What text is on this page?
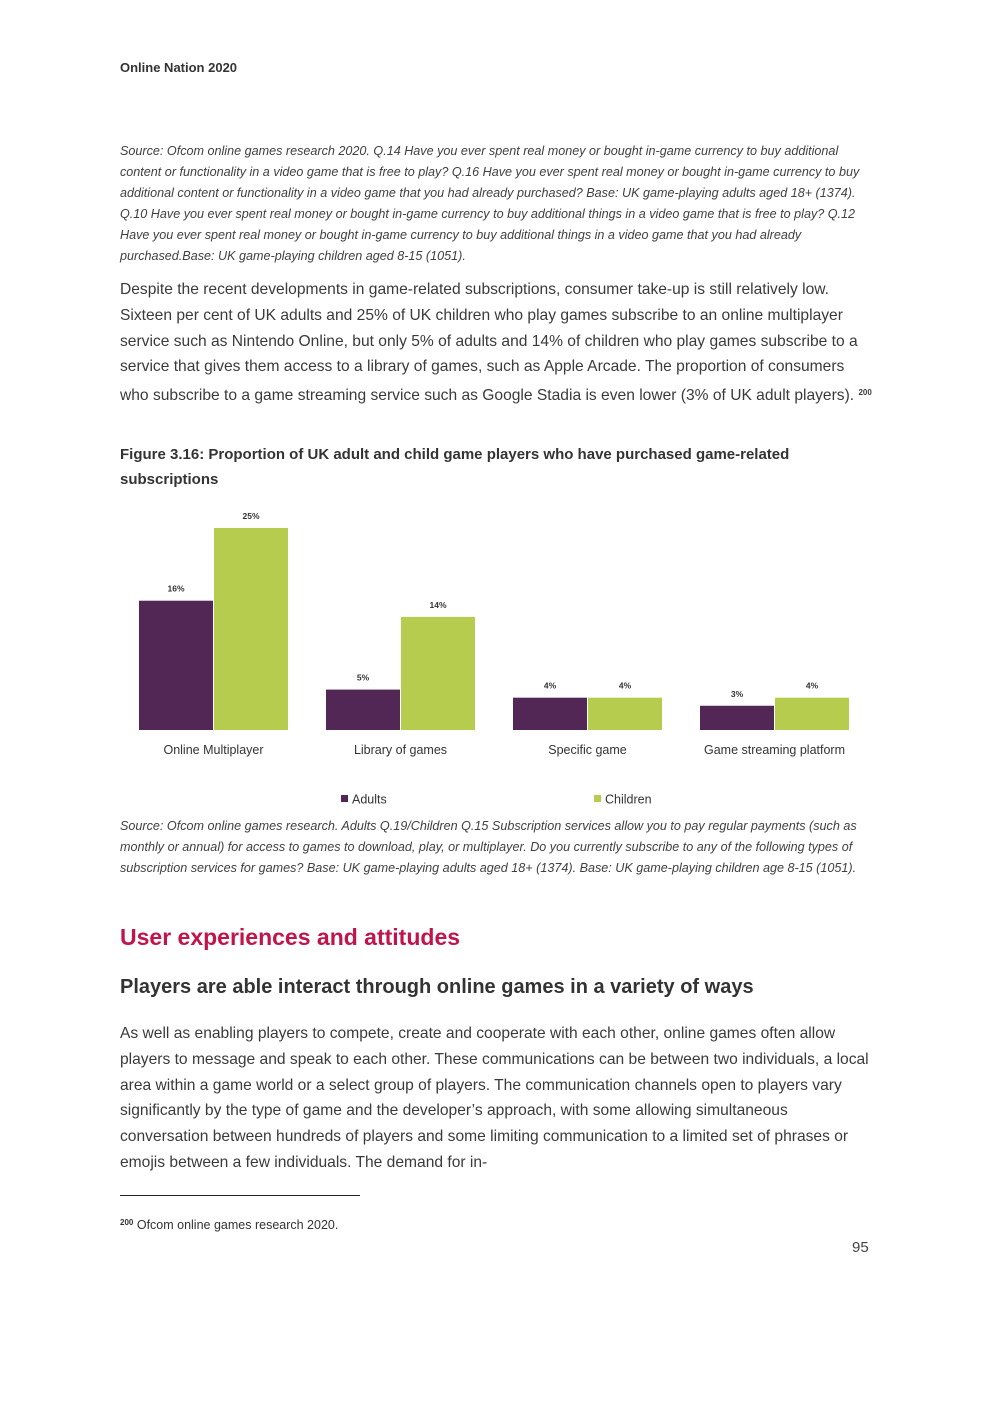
Online Nation 2020
Source: Ofcom online games research 2020. Q.14 Have you ever spent real money or bought in-game currency to buy additional content or functionality in a video game that is free to play? Q.16 Have you ever spent real money or bought in-game currency to buy additional content or functionality in a video game that you had already purchased? Base: UK game-playing adults aged 18+ (1374). Q.10 Have you ever spent real money or bought in-game currency to buy additional things in a video game that is free to play? Q.12 Have you ever spent real money or bought in-game currency to buy additional things in a video game that you had already purchased.Base: UK game-playing children aged 8-15 (1051).
Despite the recent developments in game-related subscriptions, consumer take-up is still relatively low. Sixteen per cent of UK adults and 25% of UK children who play games subscribe to an online multiplayer service such as Nintendo Online, but only 5% of adults and 14% of children who play games subscribe to a service that gives them access to a library of games, such as Apple Arcade. The proportion of consumers who subscribe to a game streaming service such as Google Stadia is even lower (3% of UK adult players). $^{200}$
Figure 3.16: Proportion of UK adult and child game players who have purchased game-related subscriptions
16%
25%
Online Multiplayer
5%
14%
Library of games
4%	4%
Specific game
3%
4%
Game streaming platform
Adults	Children
Source: Ofcom online games research. Adults Q.19/Children Q.15 Subscription services allow you to pay regular payments (such as monthly or annual) for access to games to download, play, or multiplayer. Do you currently subscribe to any of the following types of subscription services for games? Base: UK game-playing adults aged 18+ (1374). Base: UK game-playing children age 8-15 (1051).
User experiences and attitudes
Players are able interact through online games in a variety of ways
As well as enabling players to compete, create and cooperate with each other, online games often allow players to message and speak to each other. These communications can be between two individuals, a local area within a game world or a select group of players. The communication channels open to players vary significantly by the type of game and the developer’s approach, with some allowing simultaneous conversation between hundreds of players and some limiting communication to a limited set of phrases or emojis between a few individuals. The demand for in-
$^{200}$ Ofcom online games research 2020.
95
